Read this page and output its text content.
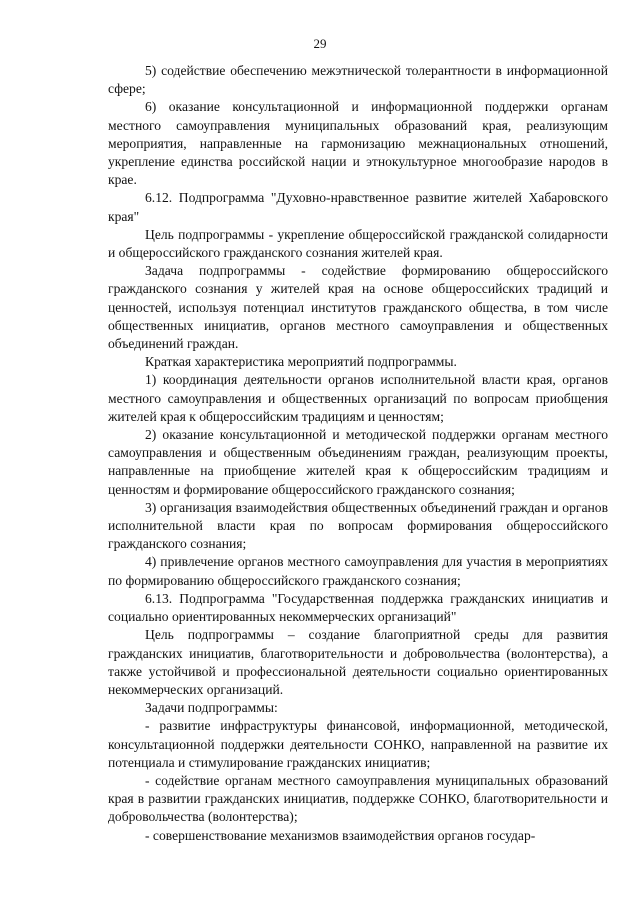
29

5) содействие обеспечению межэтнической толерантности в информационной сфере;

6) оказание консультационной и информационной поддержки органам местного самоуправления муниципальных образований края, реализующим мероприятия, направленные на гармонизацию межнациональных отношений, укрепление единства российской нации и этнокультурное многообразие народов в крае.

6.12. Подпрограмма "Духовно-нравственное развитие жителей Хабаровского края"

Цель подпрограммы - укрепление общероссийской гражданской солидарности и общероссийского гражданского сознания жителей края.

Задача подпрограммы - содействие формированию общероссийского гражданского сознания у жителей края на основе общероссийских традиций и ценностей, используя потенциал институтов гражданского общества, в том числе общественных инициатив, органов местного самоуправления и общественных объединений граждан.

Краткая характеристика мероприятий подпрограммы.

1) координация деятельности органов исполнительной власти края, органов местного самоуправления и общественных организаций по вопросам приобщения жителей края к общероссийским традициям и ценностям;

2) оказание консультационной и методической поддержки органам местного самоуправления и общественным объединениям граждан, реализующим проекты, направленные на приобщение жителей края к общероссийским традициям и ценностям и формирование общероссийского гражданского сознания;

3) организация взаимодействия общественных объединений граждан и органов исполнительной власти края по вопросам формирования общероссийского гражданского сознания;

4) привлечение органов местного самоуправления для участия в мероприятиях по формированию общероссийского гражданского сознания;

6.13. Подпрограмма "Государственная поддержка гражданских инициатив и социально ориентированных некоммерческих организаций"

Цель подпрограммы – создание благоприятной среды для развития гражданских инициатив, благотворительности и добровольчества (волонтерства), а также устойчивой и профессиональной деятельности социально ориентированных некоммерческих организаций.

Задачи подпрограммы:

- развитие инфраструктуры финансовой, информационной, методической, консультационной поддержки деятельности СОНКО, направленной на развитие их потенциала и стимулирование гражданских инициатив;

- содействие органам местного самоуправления муниципальных образований края в развитии гражданских инициатив, поддержке СОНКО, благотворительности и добровольчества (волонтерства);

- совершенствование механизмов взаимодействия органов государ-
